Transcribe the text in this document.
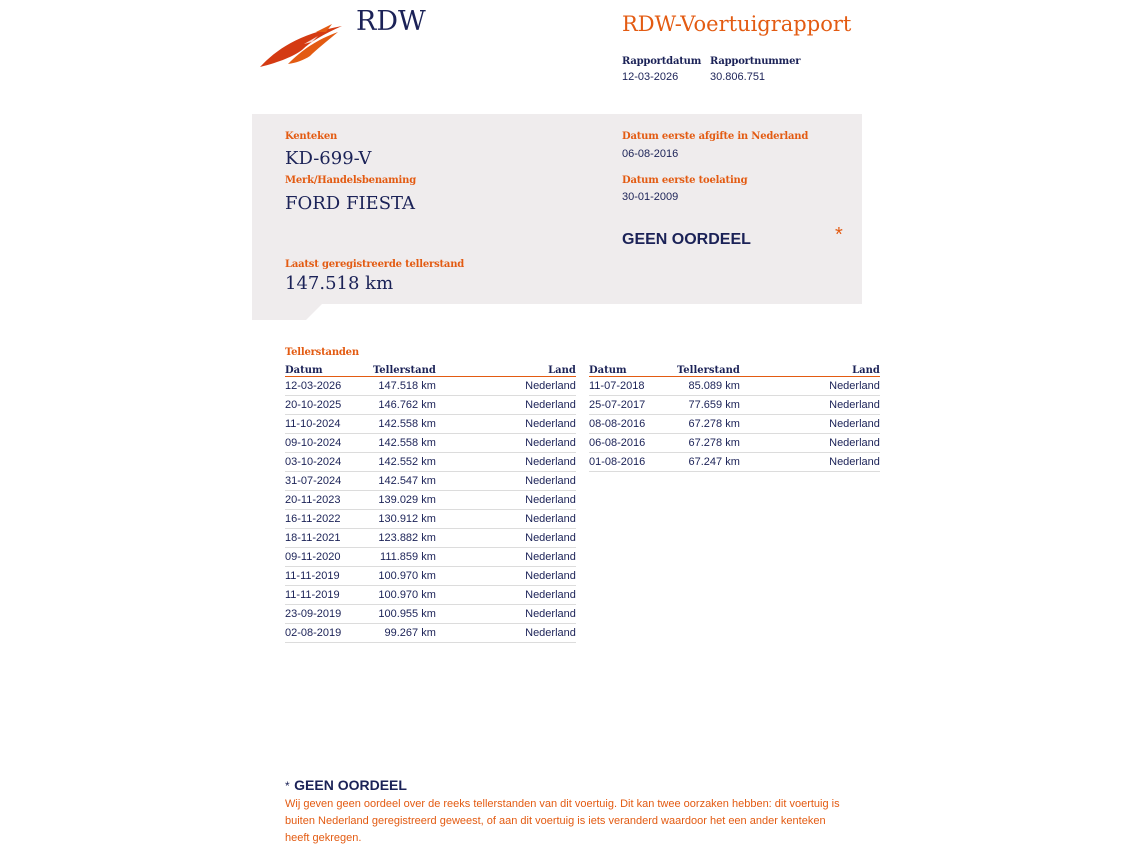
RDW	RDW-Voertuigrapport
Rapportdatum
12-03-2026
Rapportnummer
30.806.751
Kenteken
KD-699-V
Merk/Handelsbenaming
FORD FIESTA
Datum eerste afgifte in Nederland
06-08-2016
Datum eerste toelating
30-01-2009
GEEN OORDEEL	*
Laatst geregistreerde tellerstand
147.518 km
Tellerstanden
Datum	Tellerstand	Land
12-03-2026	147.518 km	Nederland
20-10-2025	146.762 km	Nederland
11-10-2024	142.558 km	Nederland
09-10-2024	142.558 km	Nederland
03-10-2024	142.552 km	Nederland
31-07-2024	142.547 km	Nederland
20-11-2023	139.029 km	Nederland
16-11-2022	130.912 km	Nederland
18-11-2021	123.882 km	Nederland
09-11-2020	111.859 km	Nederland
11-11-2019	100.970 km	Nederland
11-11-2019	100.970 km	Nederland
23-09-2019	100.955 km	Nederland
02-08-2019	99.267 km	Nederland
Datum	Tellerstand	Land
11-07-2018	85.089 km	Nederland
25-07-2017	77.659 km	Nederland
08-08-2016	67.278 km	Nederland
06-08-2016	67.278 km	Nederland
01-08-2016	67.247 km	Nederland
* GEEN OORDEEL
Wij geven geen oordeel over de reeks tellerstanden van dit voertuig. Dit kan twee oorzaken hebben: dit voertuig is buiten Nederland geregistreerd geweest, of aan dit voertuig is iets veranderd waardoor het een ander kenteken heeft gekregen.
